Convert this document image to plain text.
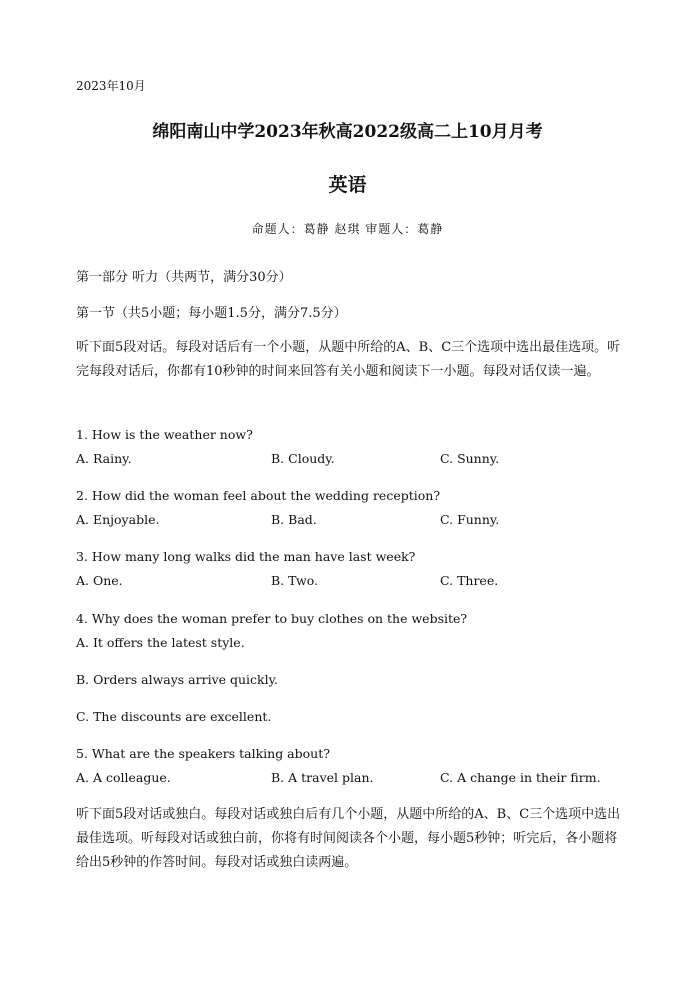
2023年10月
绵阳南山中学2023年秋高2022级高二上10月月考
英语
命题人：葛静 赵琪 审题人：葛静
第一部分 听力（共两节，满分30分）
第一节（共5小题；每小题1.5分，满分7.5分）
听下面5段对话。每段对话后有一个小题，从题中所给的A、B、C三个选项中选出最佳选项。听完每段对话后，你都有10秒钟的时间来回答有关小题和阅读下一小题。每段对话仅读一遍。
1. How is the weather now?
A. Rainy.	B. Cloudy.	C. Sunny.
2. How did the woman feel about the wedding reception?
A. Enjoyable.	B. Bad.	C. Funny.
3. How many long walks did the man have last week?
A. One.	B. Two.	C. Three.
4. Why does the woman prefer to buy clothes on the website?
A. It offers the latest style.
B. Orders always arrive quickly.
C. The discounts are excellent.
5. What are the speakers talking about?
A. A colleague.	B. A travel plan.	C. A change in their firm.
听下面5段对话或独白。每段对话或独白后有几个小题，从题中所给的A、B、C三个选项中选出最佳选项。听每段对话或独白前，你将有时间阅读各个小题，每小题5秒钟；听完后，各小题将给出5秒钟的作答时间。每段对话或独白读两遍。
